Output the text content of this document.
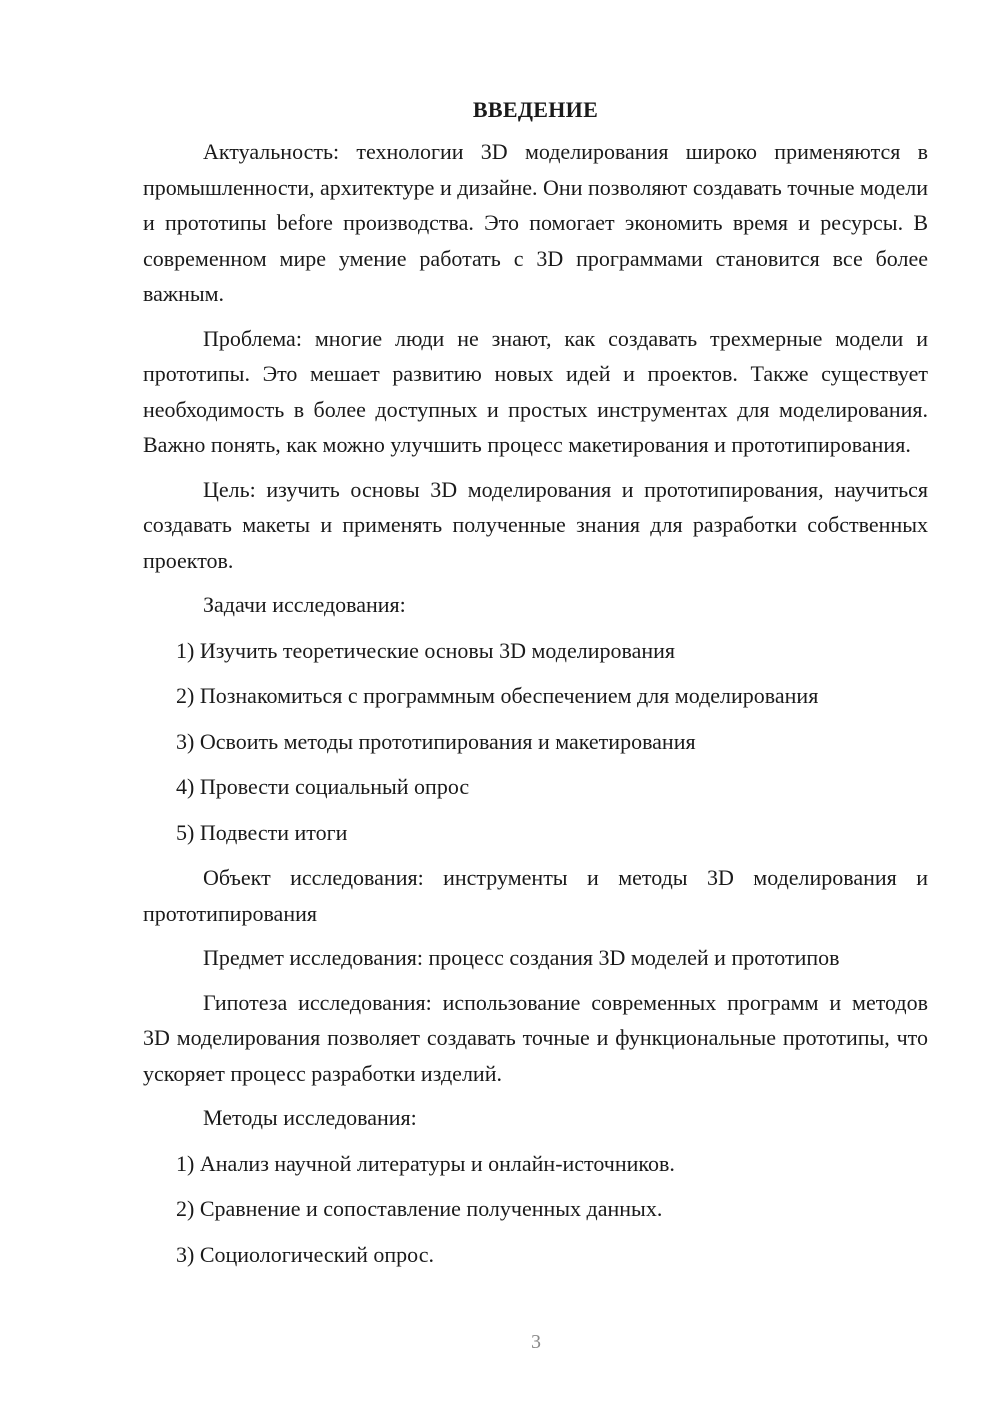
ВВЕДЕНИЕ

Актуальность: технологии 3D моделирования широко применяются в промышленности, архитектуре и дизайне. Они позволяют создавать точные модели и прототипы before производства. Это помогает экономить время и ресурсы. В современном мире умение работать с 3D программами становится все более важным.

Проблема: многие люди не знают, как создавать трехмерные модели и прототипы. Это мешает развитию новых идей и проектов. Также существует необходимость в более доступных и простых инструментах для моделирования. Важно понять, как можно улучшить процесс макетирования и прототипирования.

Цель: изучить основы 3D моделирования и прототипирования, научиться создавать макеты и применять полученные знания для разработки собственных проектов.

Задачи исследования:
1) Изучить теоретические основы 3D моделирования
2) Познакомиться с программным обеспечением для моделирования
3) Освоить методы прототипирования и макетирования
4) Провести социальный опрос
5) Подвести итоги

Объект исследования: инструменты и методы 3D моделирования и прототипирования

Предмет исследования: процесс создания 3D моделей и прототипов

Гипотеза исследования: использование современных программ и методов 3D моделирования позволяет создавать точные и функциональные прототипы, что ускоряет процесс разработки изделий.

Методы исследования:
1) Анализ научной литературы и онлайн-источников.
2) Сравнение и сопоставление полученных данных.
3) Социологический опрос.
3
